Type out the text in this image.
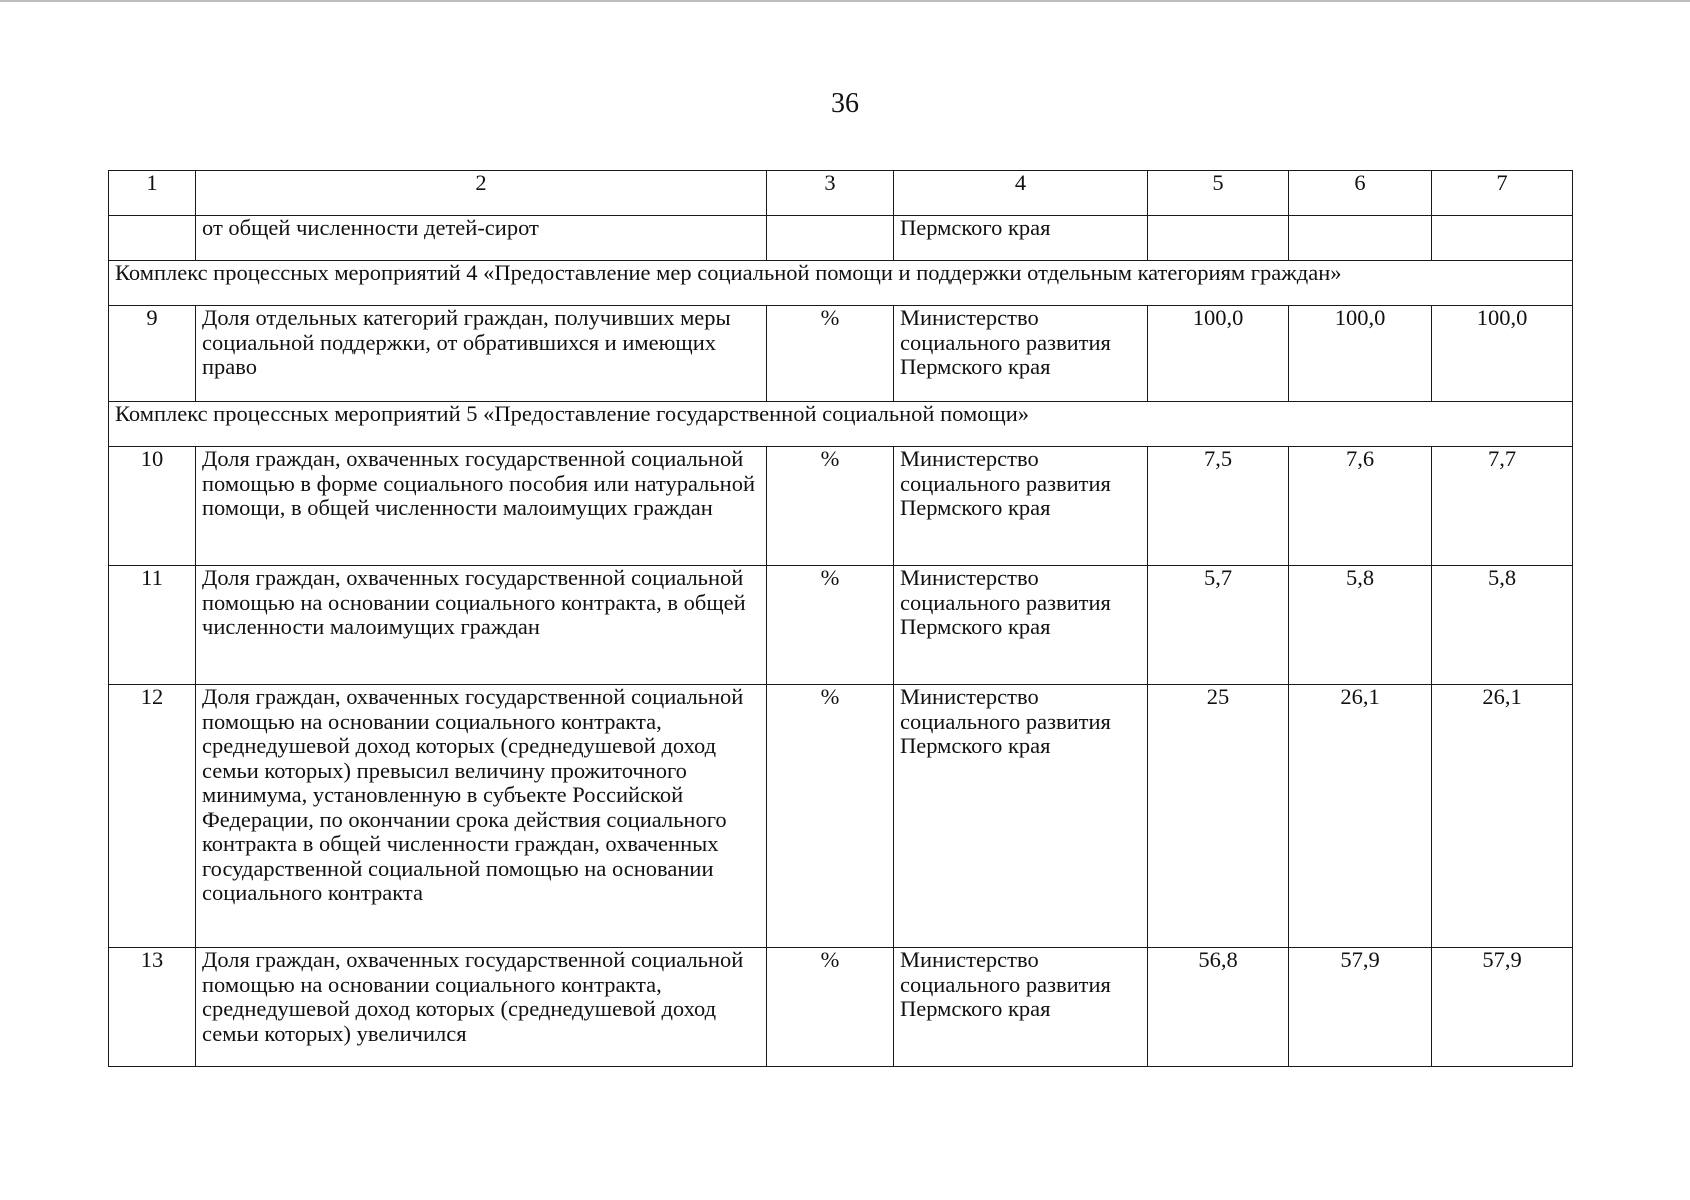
36
1	2	3	4	5	6	7
	от общей численности детей-сирот		Пермского края			
Комплекс процессных мероприятий 4 «Предоставление мер социальной помощи и поддержки отдельным категориям граждан»						
9	Доля отдельных категорий граждан, получивших меры социальной поддержки, от обратившихся и имеющих право	%	Министерство социального развития Пермского края	100,0	100,0	100,0
Комплекс процессных мероприятий 5 «Предоставление государственной социальной помощи»						
10	Доля граждан, охваченных государственной социальной помощью в форме социального пособия или натуральной помощи, в общей численности малоимущих граждан	%	Министерство социального развития Пермского края	7,5	7,6	7,7
11	Доля граждан, охваченных государственной социальной помощью на основании социального контракта, в общей численности малоимущих граждан	%	Министерство социального развития Пермского края	5,7	5,8	5,8
12	Доля граждан, охваченных государственной социальной помощью на основании социального контракта, среднедушевой доход которых (среднедушевой доход семьи которых) превысил величину прожиточного минимума, установленную в субъекте Российской Федерации, по окончании срока действия социального контракта в общей численности граждан, охваченных государственной социальной помощью на основании социального контракта	%	Министерство социального развития Пермского края	25	26,1	26,1
13	Доля граждан, охваченных государственной социальной помощью на основании социального контракта, среднедушевой доход которых (среднедушевой доход семьи которых) увеличился	%	Министерство социального развития Пермского края	56,8	57,9	57,9
